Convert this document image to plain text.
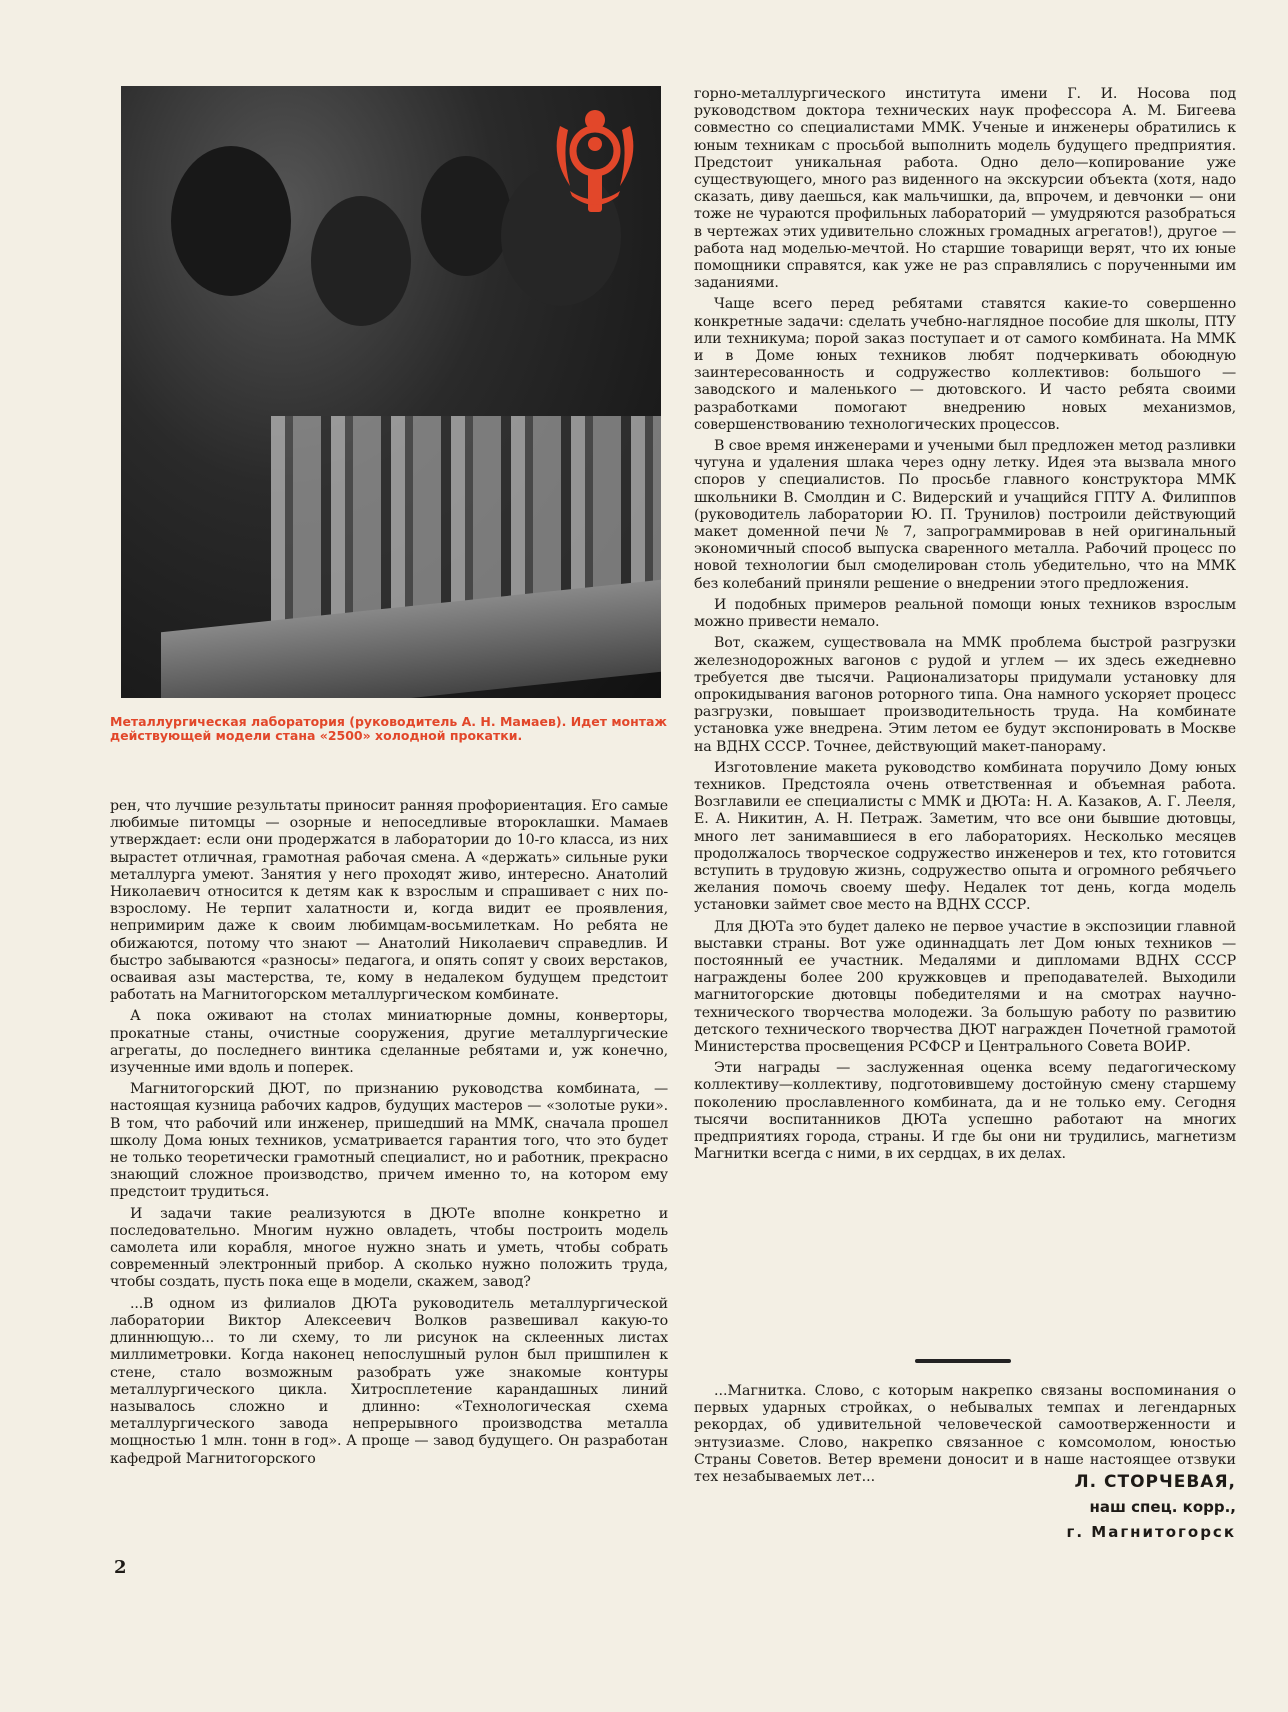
Металлургическая лаборатория (руководитель А. Н. Мамаев). Идет монтаж действующей модели стана «2500» холодной прокатки.

рен, что лучшие результаты приносит ранняя профориентация. Его самые любимые питомцы — озорные и непоседливые второклашки. Мамаев утверждает: если они продержатся в лаборатории до 10-го класса, из них вырастет отличная, грамотная рабочая смена. А «держать» сильные руки металлурга умеют. Занятия у него проходят живо, интересно. Анатолий Николаевич относится к детям как к взрослым и спрашивает с них по-взрослому. Не терпит халатности и, когда видит ее проявления, непримирим даже к своим любимцам-восьмилеткам. Но ребята не обижаются, потому что знают — Анатолий Николаевич справедлив. И быстро забываются «разносы» педагога, и опять сопят у своих верстаков, осваивая азы мастерства, те, кому в недалеком будущем предстоит работать на Магнитогорском металлургическом комбинате.

А пока оживают на столах миниатюрные домны, конверторы, прокатные станы, очистные сооружения, другие металлургические агрегаты, до последнего винтика сделанные ребятами и, уж конечно, изученные ими вдоль и поперек.

Магнитогорский ДЮТ, по признанию руководства комбината, — настоящая кузница рабочих кадров, будущих мастеров — «золотые руки». В том, что рабочий или инженер, пришедший на ММК, сначала прошел школу Дома юных техников, усматривается гарантия того, что это будет не только теоретически грамотный специалист, но и работник, прекрасно знающий сложное производство, причем именно то, на котором ему предстоит трудиться.

И задачи такие реализуются в ДЮТе вполне конкретно и последовательно. Многим нужно овладеть, чтобы построить модель самолета или корабля, многое нужно знать и уметь, чтобы собрать современный электронный прибор. А сколько нужно положить труда, чтобы создать, пусть пока еще в модели, скажем, завод?

...В одном из филиалов ДЮТа руководитель металлургической лаборатории Виктор Алексеевич Волков развешивал какую-то длиннющую... то ли схему, то ли рисунок на склеенных листах миллиметровки. Когда наконец непослушный рулон был пришпилен к стене, стало возможным разобрать уже знакомые контуры металлургического цикла. Хитросплетение карандашных линий называлось сложно и длинно: «Технологическая схема металлургического завода непрерывного производства металла мощностью 1 млн. тонн в год». А проще — завод будущего. Он разработан кафедрой Магнитогорского

горно-металлургического института имени Г. И. Носова под руководством доктора технических наук профессора А. М. Бигеева совместно со специалистами ММК. Ученые и инженеры обратились к юным техникам с просьбой выполнить модель будущего предприятия. Предстоит уникальная работа. Одно дело—копирование уже существующего, много раз виденного на экскурсии объекта (хотя, надо сказать, диву даешься, как мальчишки, да, впрочем, и девчонки — они тоже не чураются профильных лабораторий — умудряются разобраться в чертежах этих удивительно сложных громадных агрегатов!), другое — работа над моделью-мечтой. Но старшие товарищи верят, что их юные помощники справятся, как уже не раз справлялись с порученными им заданиями.

Чаще всего перед ребятами ставятся какие-то совершенно конкретные задачи: сделать учебно-наглядное пособие для школы, ПТУ или техникума; порой заказ поступает и от самого комбината. На ММК и в Доме юных техников любят подчеркивать обоюдную заинтересованность и содружество коллективов: большого — заводского и маленького — дютовского. И часто ребята своими разработками помогают внедрению новых механизмов, совершенствованию технологических процессов.

В свое время инженерами и учеными был предложен метод разливки чугуна и удаления шлака через одну летку. Идея эта вызвала много споров у специалистов. По просьбе главного конструктора ММК школьники В. Смолдин и С. Видерский и учащийся ГПТУ А. Филиппов (руководитель лаборатории Ю. П. Трунилов) построили действующий макет доменной печи № 7, запрограммировав в ней оригинальный экономичный способ выпуска сваренного металла. Рабочий процесс по новой технологии был смоделирован столь убедительно, что на ММК без колебаний приняли решение о внедрении этого предложения.

И подобных примеров реальной помощи юных техников взрослым можно привести немало.

Вот, скажем, существовала на ММК проблема быстрой разгрузки железнодорожных вагонов с рудой и углем — их здесь ежедневно требуется две тысячи. Рационализаторы придумали установку для опрокидывания вагонов роторного типа. Она намного ускоряет процесс разгрузки, повышает производительность труда. На комбинате установка уже внедрена. Этим летом ее будут экспонировать в Москве на ВДНХ СССР. Точнее, действующий макет-панораму.

Изготовление макета руководство комбината поручило Дому юных техников. Предстояла очень ответственная и объемная работа. Возглавили ее специалисты с ММК и ДЮТа: Н. А. Казаков, А. Г. Лееля, Е. А. Никитин, А. Н. Петраж. Заметим, что все они бывшие дютовцы, много лет занимавшиеся в его лабораториях. Несколько месяцев продолжалось творческое содружество инженеров и тех, кто готовится вступить в трудовую жизнь, содружество опыта и огромного ребячьего желания помочь своему шефу. Недалек тот день, когда модель установки займет свое место на ВДНХ СССР.

Для ДЮТа это будет далеко не первое участие в экспозиции главной выставки страны. Вот уже одиннадцать лет Дом юных техников — постоянный ее участник. Медалями и дипломами ВДНХ СССР награждены более 200 кружковцев и преподавателей. Выходили магнитогорские дютовцы победителями и на смотрах научно-технического творчества молодежи. За большую работу по развитию детского технического творчества ДЮТ награжден Почетной грамотой Министерства просвещения РСФСР и Центрального Совета ВОИР.

Эти награды — заслуженная оценка всему педагогическому коллективу—коллективу, подготовившему достойную смену старшему поколению прославленного комбината, да и не только ему. Сегодня тысячи воспитанников ДЮТа успешно работают на многих предприятиях города, страны. И где бы они ни трудились, магнетизм Магнитки всегда с ними, в их сердцах, в их делах.

...Магнитка. Слово, с которым накрепко связаны воспоминания о первых ударных стройках, о небывалых темпах и легендарных рекордах, об удивительной человеческой самоотверженности и энтузиазме. Слово, накрепко связанное с комсомолом, юностью Страны Советов. Ветер времени доносит и в наше настоящее отзвуки тех незабываемых лет...	Л. СТОРЧЕВАЯ,
наш спец. корр.,
г. Магнитогорск
2
